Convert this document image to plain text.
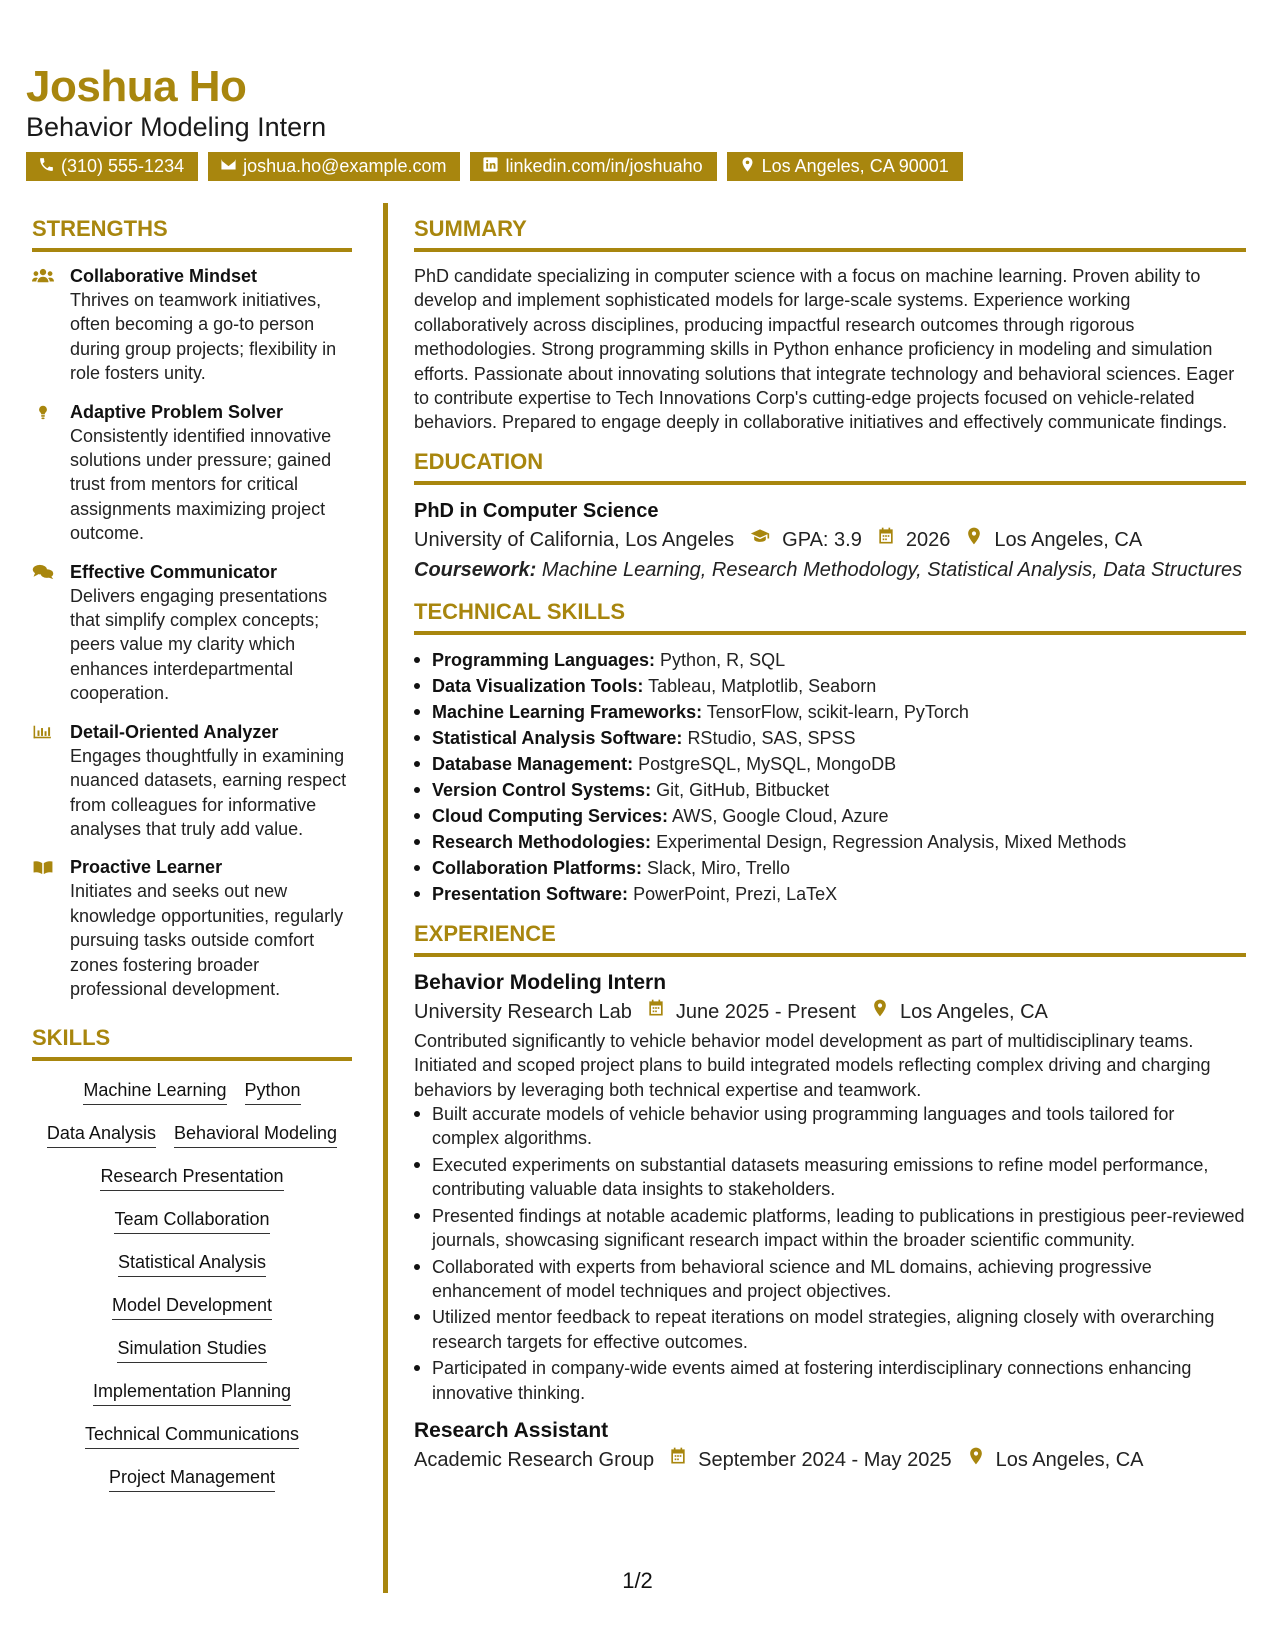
Joshua Ho
Behavior Modeling Intern
(310) 555-1234	joshua.ho@example.com	linkedin.com/in/joshuaho	Los Angeles, CA 90001
STRENGTHS
Collaborative Mindset
Thrives on teamwork initiatives, often becoming a go-to person during group projects; flexibility in role fosters unity.
Adaptive Problem Solver
Consistently identified innovative solutions under pressure; gained trust from mentors for critical assignments maximizing project outcome.
Effective Communicator
Delivers engaging presentations that simplify complex concepts; peers value my clarity which enhances interdepartmental cooperation.
Detail-Oriented Analyzer
Engages thoughtfully in examining nuanced datasets, earning respect from colleagues for informative analyses that truly add value.
Proactive Learner
Initiates and seeks out new knowledge opportunities, regularly pursuing tasks outside comfort zones fostering broader professional development.
SKILLS
Machine Learning Python
Data Analysis Behavioral Modeling
Research Presentation
Team Collaboration
Statistical Analysis
Model Development
Simulation Studies
Implementation Planning
Technical Communications
Project Management
SUMMARY
PhD candidate specializing in computer science with a focus on machine learning. Proven ability to develop and implement sophisticated models for large-scale systems. Experience working collaboratively across disciplines, producing impactful research outcomes through rigorous methodologies. Strong programming skills in Python enhance proficiency in modeling and simulation efforts. Passionate about innovating solutions that integrate technology and behavioral sciences. Eager to contribute expertise to Tech Innovations Corp's cutting-edge projects focused on vehicle-related behaviors. Prepared to engage deeply in collaborative initiatives and effectively communicate findings.
EDUCATION
PhD in Computer Science
University of California, Los Angeles GPA: 3.9 2026 Los Angeles, CA
Coursework: Machine Learning, Research Methodology, Statistical Analysis, Data Structures
TECHNICAL SKILLS
Programming Languages: Python, R, SQL
Data Visualization Tools: Tableau, Matplotlib, Seaborn
Machine Learning Frameworks: TensorFlow, scikit-learn, PyTorch
Statistical Analysis Software: RStudio, SAS, SPSS
Database Management: PostgreSQL, MySQL, MongoDB
Version Control Systems: Git, GitHub, Bitbucket
Cloud Computing Services: AWS, Google Cloud, Azure
Research Methodologies: Experimental Design, Regression Analysis, Mixed Methods
Collaboration Platforms: Slack, Miro, Trello
Presentation Software: PowerPoint, Prezi, LaTeX
EXPERIENCE
Behavior Modeling Intern
University Research Lab June 2025 - Present Los Angeles, CA
Contributed significantly to vehicle behavior model development as part of multidisciplinary teams. Initiated and scoped project plans to build integrated models reflecting complex driving and charging behaviors by leveraging both technical expertise and teamwork.
Built accurate models of vehicle behavior using programming languages and tools tailored for complex algorithms.
Executed experiments on substantial datasets measuring emissions to refine model performance, contributing valuable data insights to stakeholders.
Presented findings at notable academic platforms, leading to publications in prestigious peer-reviewed journals, showcasing significant research impact within the broader scientific community.
Collaborated with experts from behavioral science and ML domains, achieving progressive enhancement of model techniques and project objectives.
Utilized mentor feedback to repeat iterations on model strategies, aligning closely with overarching research targets for effective outcomes.
Participated in company-wide events aimed at fostering interdisciplinary connections enhancing innovative thinking.
Research Assistant
Academic Research Group September 2024 - May 2025 Los Angeles, CA
1/2
